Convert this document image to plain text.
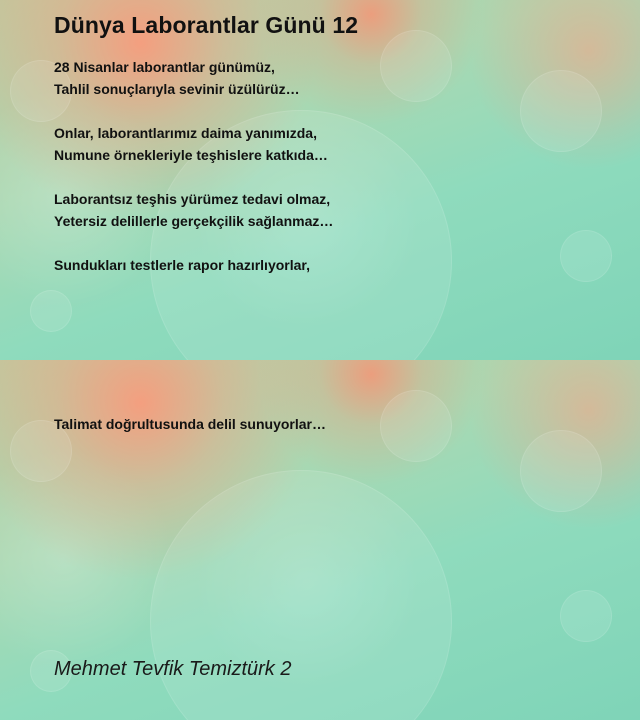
Dünya Laborantlar Günü 12
28 Nisanlar laborantlar günümüz,
Tahlil sonuçlarıyla sevinir üzülürüz…
Onlar, laborantlarımız daima yanımızda,
Numune örnekleriyle teşhislere katkıda…
Laborantsız teşhis yürümez tedavi olmaz,
Yetersiz delillerle gerçekçilik sağlanmaz…
Sundukları testlerle rapor hazırlıyorlar,
Talimat doğrultusunda delil sunuyorlar…
Mehmet Tevfik Temiztürk 2
